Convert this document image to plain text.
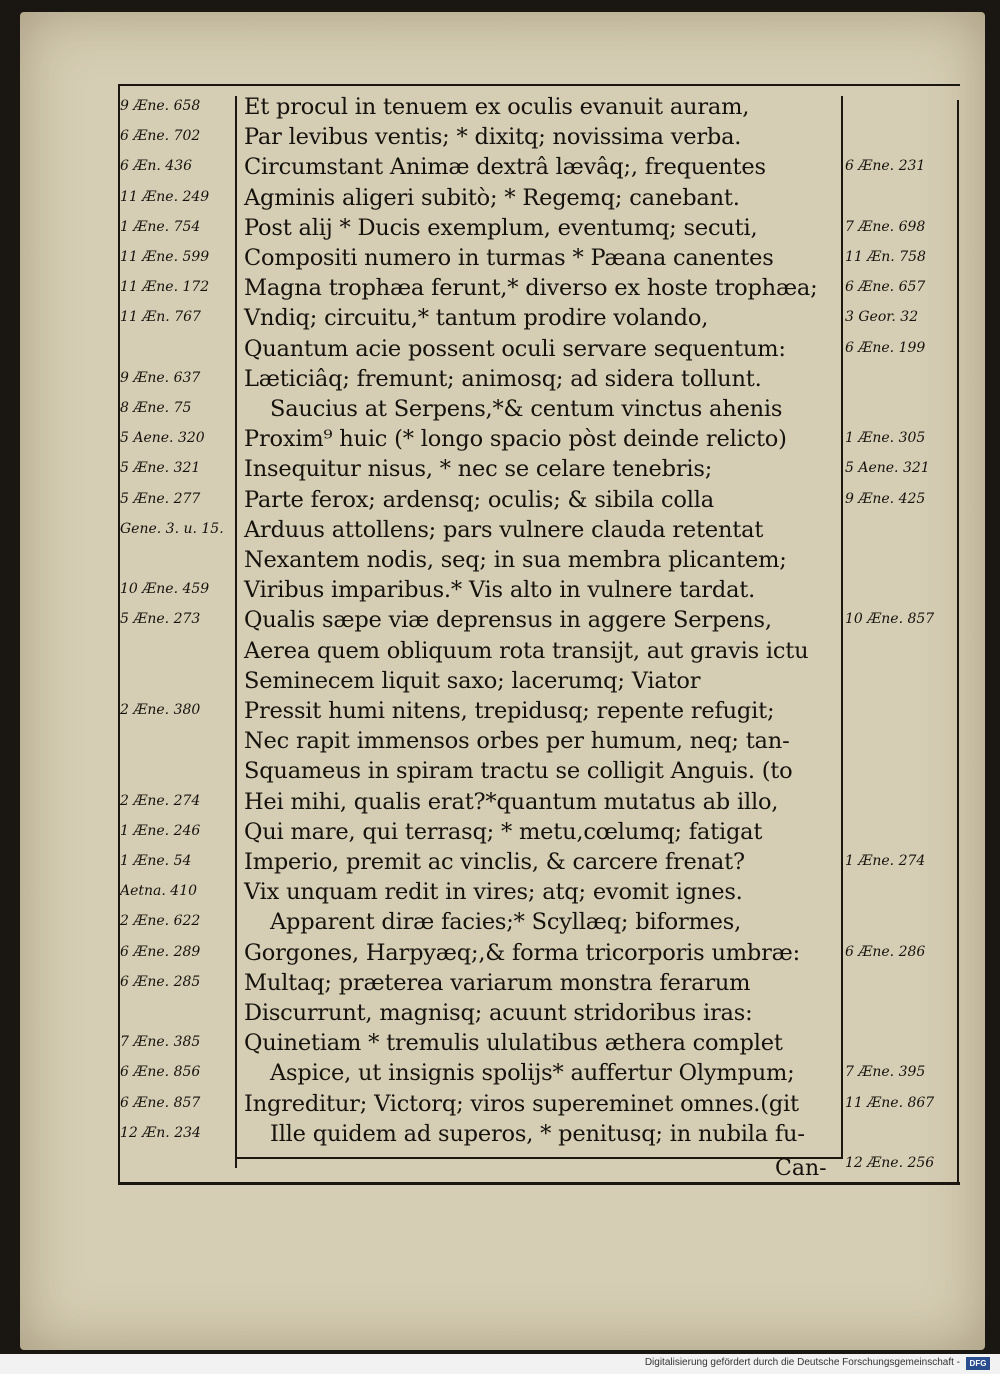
Et procul in tenuem ex oculis evanuit auram,
Par levibus ventis; * dixitq; novissima verba.
Circumstant Animæ dextrâ lævâq;, frequentes
Agminis aligeri subitò; * Regemq; canebant.
Post alij * Ducis exemplum, eventumq; secuti,
Compositi numero in turmas * Pæana canentes
Magna trophæa ferunt,* diverso ex hoste trophæa;
Vndiq; circuitu,* tantum prodire volando,
Quantum acie possent oculi servare sequentum:
Læticiâq; fremunt; animosq; ad sidera tollunt.
Saucius at Serpens,*& centum vinctus ahenis
Proxim⁹ huic (* longo spacio pòst deinde relicto)
Insequitur nisus, * nec se celare tenebris;
Parte ferox; ardensq; oculis; & sibila colla
Arduus attollens; pars vulnere clauda retentat
Nexantem nodis, seq; in sua membra plicantem;
Viribus imparibus.* Vis alto in vulnere tardat.
Qualis sæpe viæ deprensus in aggere Serpens,
Aerea quem obliquum rota transijt, aut gravis ictu
Seminecem liquit saxo; lacerumq; Viator
Pressit humi nitens, trepidusq; repente refugit;
Nec rapit immensos orbes per humum, neq; tan-
Squameus in spiram tractu se colligit Anguis. (to
Hei mihi, qualis erat?*quantum mutatus ab illo,
Qui mare, qui terrasq; * metu,cœlumq; fatigat
Imperio, premit ac vinclis, & carcere frenat?
Vix unquam redit in vires; atq; evomit ignes.
Apparent diræ facies;* Scyllæq; biformes,
Gorgones, Harpyæq;,& forma tricorporis umbræ:
Multaq; præterea variarum monstra ferarum
Discurrunt, magnisq; acuunt stridoribus iras:
Quinetiam * tremulis ululatibus æthera complet
Aspice, ut insignis spolijs* auffertur Olympum;
Ingreditur; Victorq; viros supereminet omnes.(git
Ille quidem ad superos, * penitusq; in nubila fu-
9 Æne. 658
6 Æne. 702
6 Æn. 436
11 Æne. 249
1 Æne. 754
11 Æne. 599
11 Æne. 172
11 Æn. 767
9 Æne. 637
8 Æne. 75
5 Aene. 320
5 Æne. 321
5 Æne. 277
Gene. 3. u. 15.
10 Æne. 459
5 Æne. 273
2 Æne. 380
2 Æne. 274
1 Æne. 246
1 Æne. 54
Aetna. 410
2 Æne. 622
6 Æne. 289
6 Æne. 285
7 Æne. 385
6 Æne. 856
6 Æne. 857
12 Æn. 234
6 Æne. 231
7 Æne. 698
11 Æn. 758
6 Æne. 657
3 Geor. 32
6 Æne. 199
1 Æne. 305
5 Aene. 321
9 Æne. 425
10 Æne. 857
1 Æne. 274
6 Æne. 286
7 Æne. 395
11 Æne. 867
12 Æne. 256
Can-
Digitalisierung gefördert durch die Deutsche Forschungsgemeinschaft -	DFG
